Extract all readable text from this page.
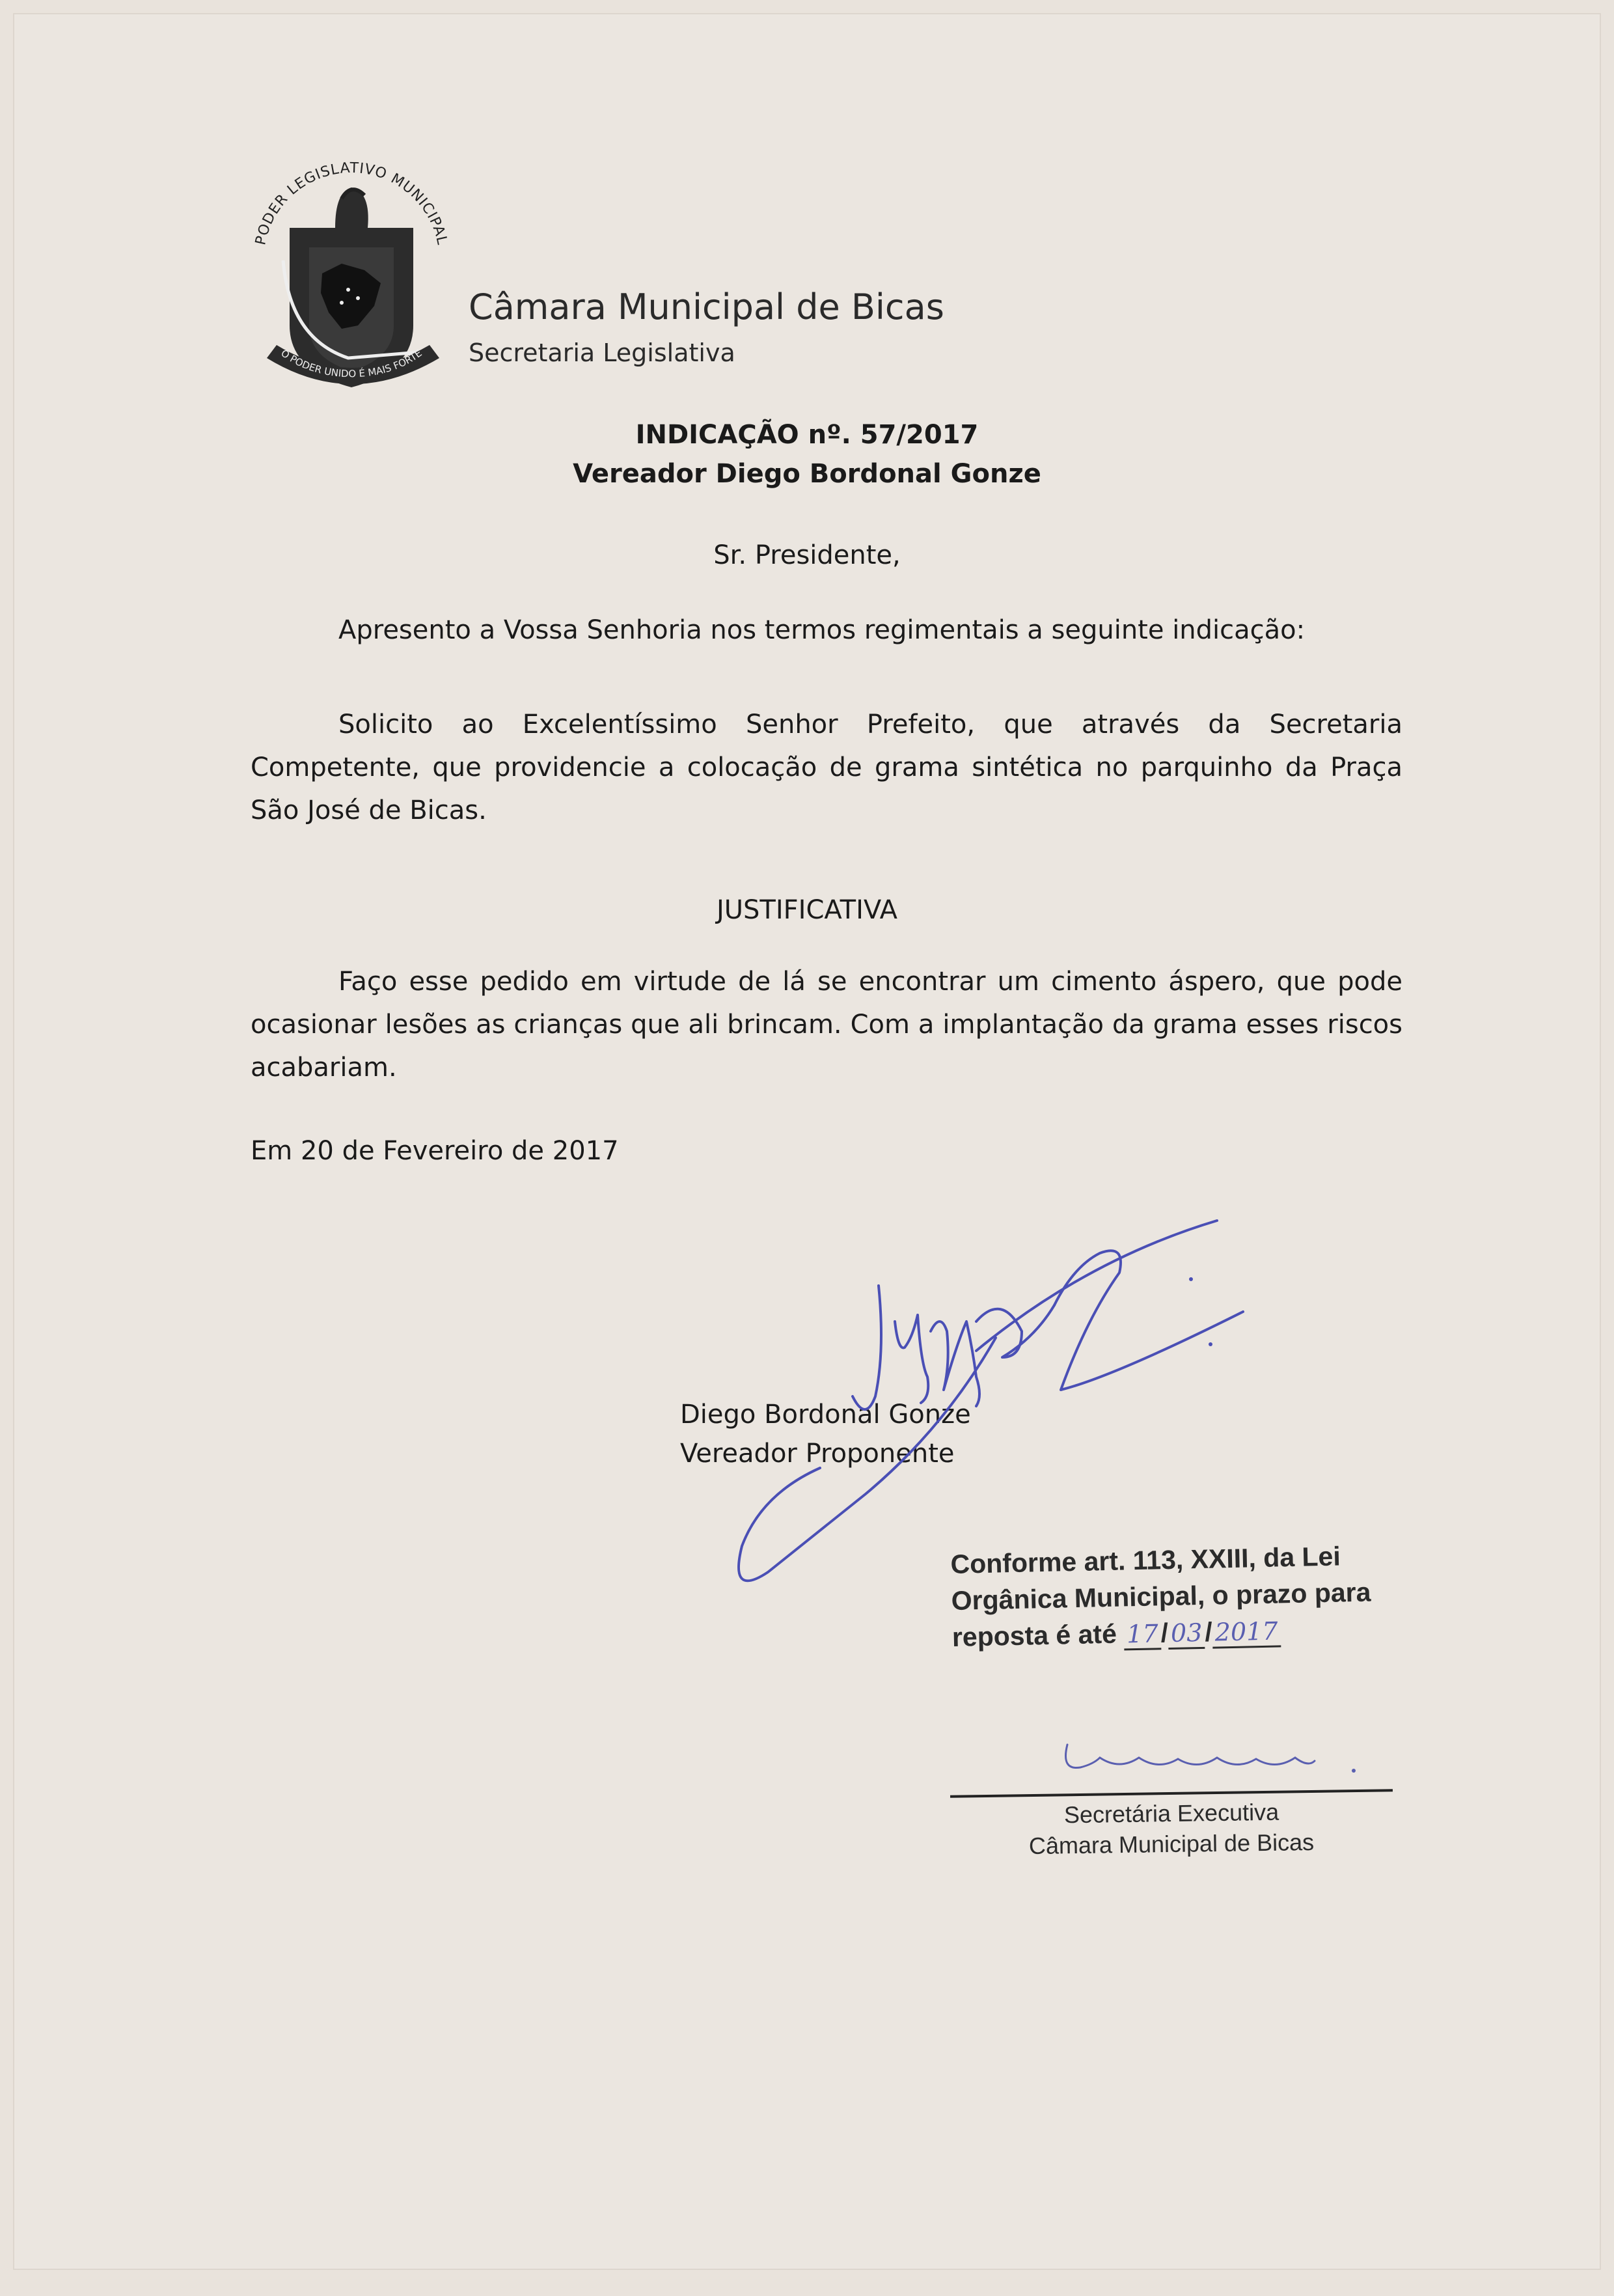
PODER LEGISLATIVO MUNICIPAL
O PODER UNIDO É MAIS FORTE
Câmara Municipal de Bicas
Secretaria Legislativa
INDICAÇÃO nº. 57/2017
Vereador Diego Bordonal Gonze
Sr. Presidente,
Apresento a Vossa Senhoria nos termos regimentais a seguinte indicação:

Solicito ao Excelentíssimo Senhor Prefeito, que através da Secretaria Competente, que providencie a colocação de grama sintética no parquinho da Praça São José de Bicas.

JUSTIFICATIVA

Faço esse pedido em virtude de lá se encontrar um cimento áspero, que pode ocasionar lesões as crianças que ali brincam. Com a implantação da grama esses riscos acabariam.

Em 20 de Fevereiro de 2017
Diego Bordonal Gonze
Vereador Proponente
Conforme art. 113, XXIII, da Lei
Orgânica Municipal, o prazo para
reposta é até 17/03/2017
Secretária Executiva
Câmara Municipal de Bicas
